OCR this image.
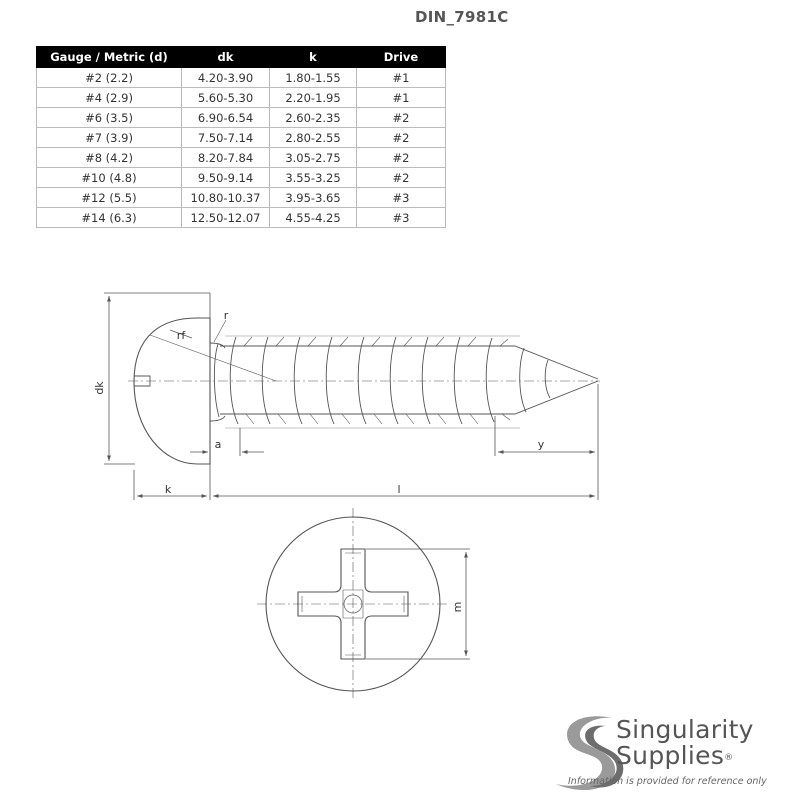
DIN_7981C
Gauge / Metric (d)	dk	k	Drive
#2 (2.2)	4.20-3.90	1.80-1.55	#1
#4 (2.9)	5.60-5.30	2.20-1.95	#1
#6 (3.5)	6.90-6.54	2.60-2.35	#2
#7 (3.9)	7.50-7.14	2.80-2.55	#2
#8 (4.2)	8.20-7.84	3.05-2.75	#2
#10 (4.8)	9.50-9.14	3.55-3.25	#2
#12 (5.5)	10.80-10.37	3.95-3.65	#3
#14 (6.3)	12.50-12.07	4.55-4.25	#3
dk
k	l
a	y
r
rf
m
Singularity
Supplies®
Information is provided for reference only
